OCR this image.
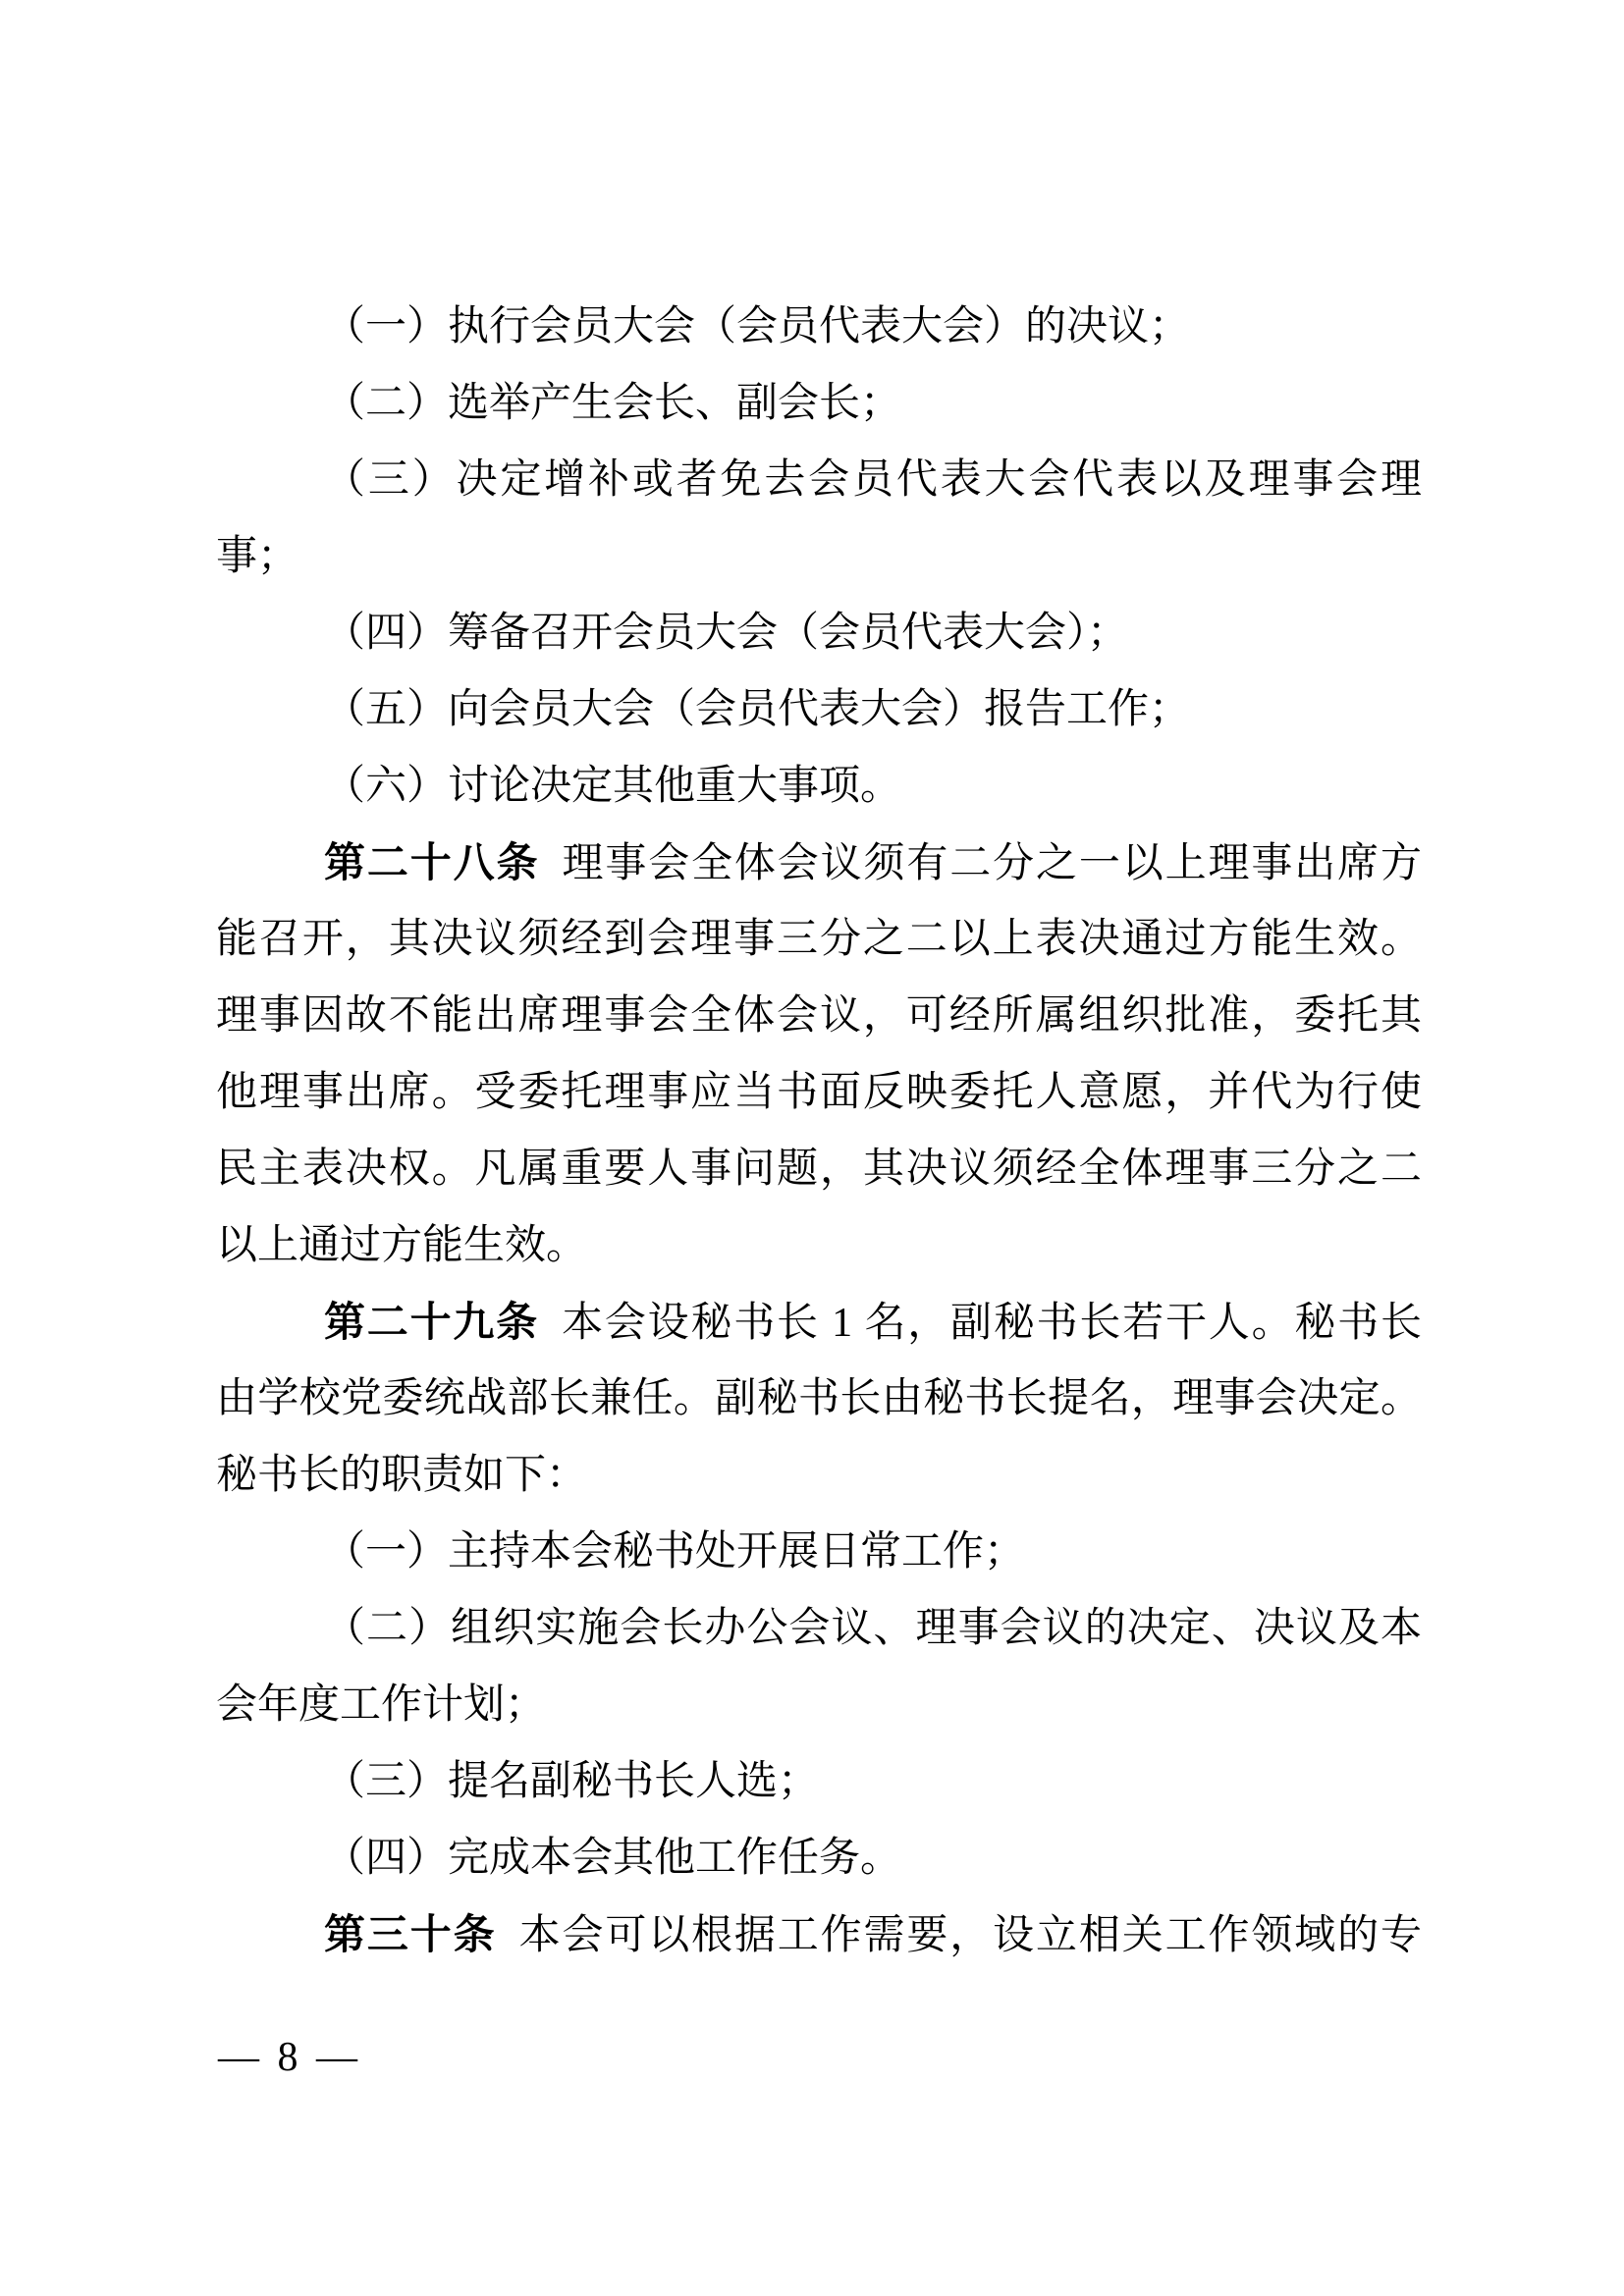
（一）执行会员大会（会员代表大会）的决议；
（二）选举产生会长、副会长；
（三）决定增补或者免去会员代表大会代表以及理事会理
事；
（四）筹备召开会员大会（会员代表大会）；
（五）向会员大会（会员代表大会）报告工作；
（六）讨论决定其他重大事项。
第二十八条 理事会全体会议须有二分之一以上理事出席方
能召开，其决议须经到会理事三分之二以上表决通过方能生效。
理事因故不能出席理事会全体会议，可经所属组织批准，委托其
他理事出席。受委托理事应当书面反映委托人意愿，并代为行使
民主表决权。凡属重要人事问题，其决议须经全体理事三分之二
以上通过方能生效。
第二十九条 本会设秘书长 1 名，副秘书长若干人。秘书长
由学校党委统战部长兼任。副秘书长由秘书长提名，理事会决定。
秘书长的职责如下：
（一）主持本会秘书处开展日常工作；
（二）组织实施会长办公会议、理事会议的决定、决议及本
会年度工作计划；
（三）提名副秘书长人选；
（四）完成本会其他工作任务。
第三十条 本会可以根据工作需要，设立相关工作领域的专
— 8 —
